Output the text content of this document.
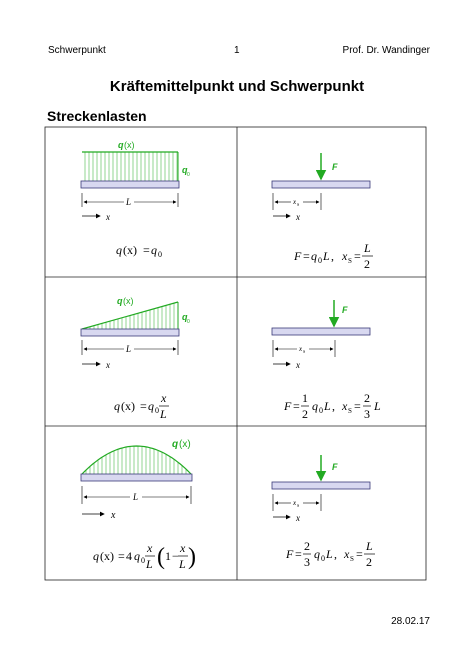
Schwerpunkt	1	Prof. Dr. Wandinger
Kräftemittelpunkt und Schwerpunkt
Streckenlasten
28.02.17
q (x)
q 0
L
x
q (x) = q 0
F
x S
x
F = q 0 L , x S =
L
2
q (x)
q 0
L
x
q (x) = q 0
x
L
F
x S
x
F =
1
2
q 0 L , x S =
2
3
L
q (x)
L
x
q (x) = 4 q 0
x
L ( 1 −
x
L )
F
x S
x
F =
2
3
q 0 L , x S =
L
2
